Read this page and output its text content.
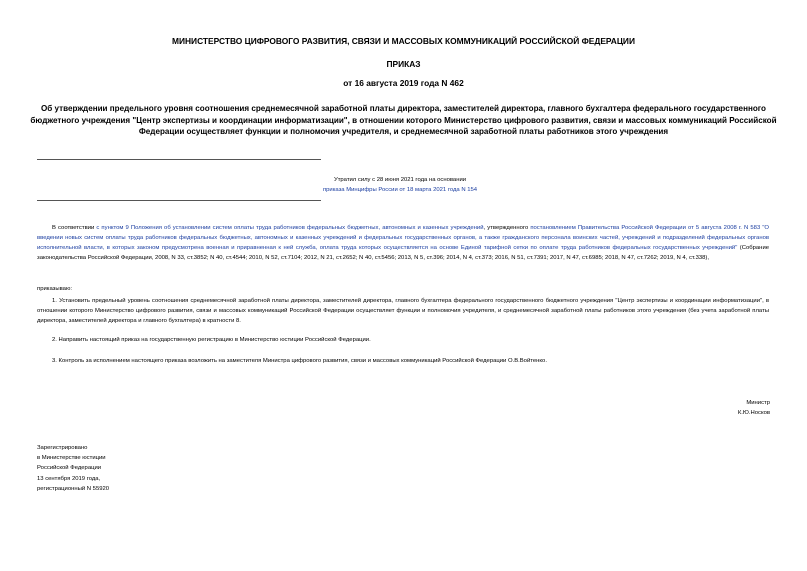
МИНИСТЕРСТВО ЦИФРОВОГО РАЗВИТИЯ, СВЯЗИ И МАССОВЫХ КОММУНИКАЦИЙ РОССИЙСКОЙ ФЕДЕРАЦИИ
ПРИКАЗ
от 16 августа 2019 года N 462
Об утверждении предельного уровня соотношения среднемесячной заработной платы директора, заместителей директора, главного бухгалтера федерального государственного бюджетного учреждения "Центр экспертизы и координации информатизации", в отношении которого Министерство цифрового развития, связи и массовых коммуникаций Российской Федерации осуществляет функции и полномочия учредителя, и среднемесячной заработной платы работников этого учреждения
Утратил силу с 28 июня 2021 года на основании
приказа Минцифры России от 18 марта 2021 года N 154
В соответствии с пунктом 9 Положения об установлении систем оплаты труда работников федеральных бюджетных, автономных и казенных учреждений, утвержденного постановлением Правительства Российской Федерации от 5 августа 2008 г. N 583 "О введении новых систем оплаты труда работников федеральных бюджетных, автономных и казенных учреждений и федеральных государственных органов, а также гражданского персонала воинских частей, учреждений и подразделений федеральных органов исполнительной власти, в которых законом предусмотрена военная и приравненная к ней служба, оплата труда которых осуществляется на основе Единой тарифной сетки по оплате труда работников федеральных государственных учреждений" (Собрание законодательства Российской Федерации, 2008, N 33, ст.3852; N 40, ст.4544; 2010, N 52, ст.7104; 2012, N 21, ст.2652; N 40, ст.5456; 2013, N 5, ст.396; 2014, N 4, ст.373; 2016, N 51, ст.7391; 2017, N 47, ст.6985; 2018, N 47, ст.7262; 2019, N 4, ст.338),
приказываю:
1. Установить предельный уровень соотношения среднемесячной заработной платы директора, заместителей директора, главного бухгалтера федерального государственного бюджетного учреждения "Центр экспертизы и координации информатизации", в отношении которого Министерство цифрового развития, связи и массовых коммуникаций Российской Федерации осуществляет функции и полномочия учредителя, и среднемесячной заработной платы работников этого учреждения (без учета заработной платы директора, заместителей директора и главного бухгалтера) в кратности 8.
2. Направить настоящий приказ на государственную регистрацию в Министерство юстиции Российской Федерации.
3. Контроль за исполнением настоящего приказа возложить на заместителя Министра цифрового развития, связи и массовых коммуникаций Российской Федерации О.В.Войтенко.
Министр
К.Ю.Носков
Зарегистрировано
в Министерстве юстиции
Российской Федерации
13 сентября 2019 года,
регистрационный N 55920
